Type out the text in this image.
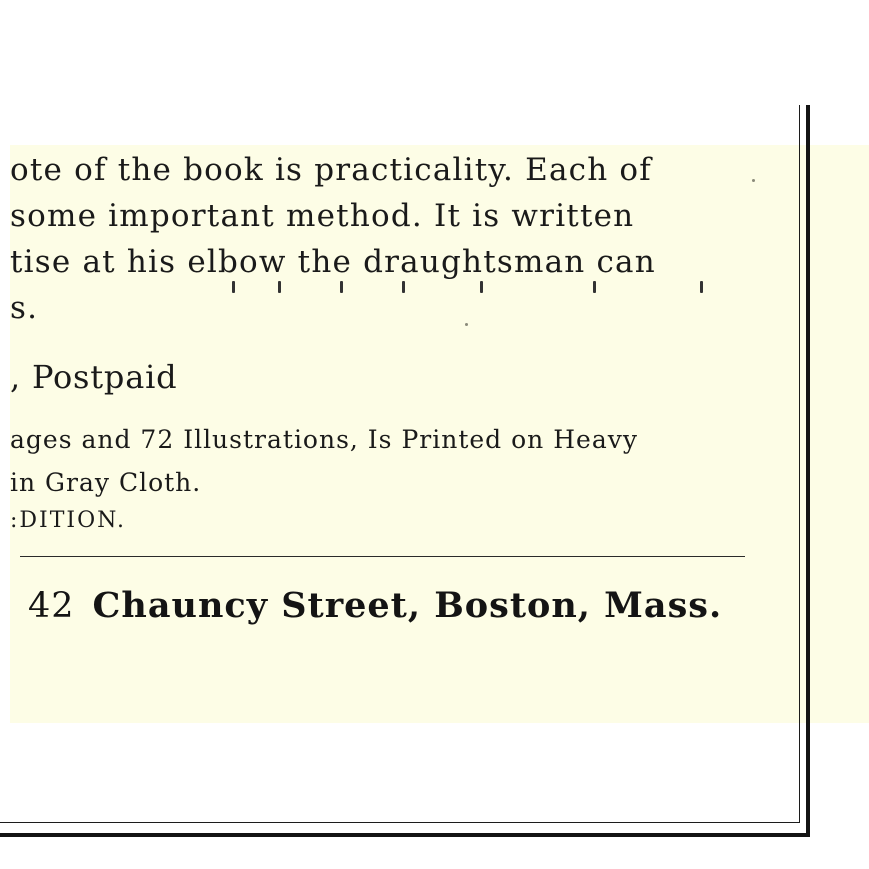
ote of the book is practicality. Each of
some important method. It is written
tise at his elbow the draughtsman can
s.
, Postpaid
ages and 72 Illustrations, Is Printed on Heavy
in Gray Cloth.
:DITION.
42 Chauncy Street, Boston, Mass.
